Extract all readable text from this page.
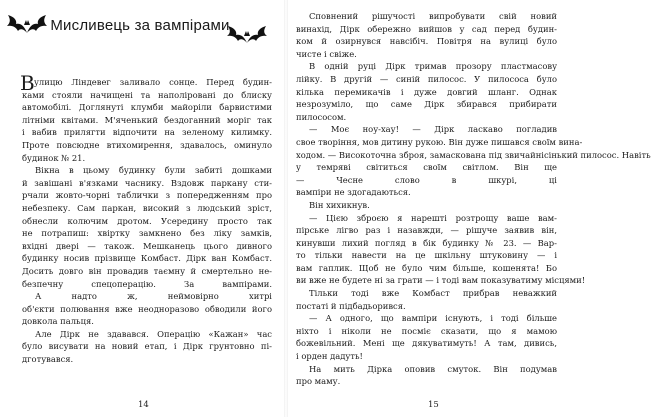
Мисливець за вампірами
В улицю Ліндевег заливало сонце. Перед будин-
ками стояли начищені та наполіровані до блиску
автомобілі. Доглянуті клумби майоріли барвистими
літніми квітами. М'яченький бездоганний моріг так
і вабив прилягти відпочити на зеленому килимку.
Проте повсюдне втихомирення, здавалось, оминуло
будинок № 21.
Вікна в цьому будинку були забиті дошками
й завішані в'язками часнику. Вздовж паркану сти-
рчали жовто-чорні таблички з попередженням про
небезпеку. Сам паркан, високий з людський зріст,
обнесли колючим дротом. Усередину просто так
не потрапиш: хвіртку замкнено без ліку замків,
вхідні двері — також. Мешканець цього дивного
будинку носив прізвище Комбаст. Дірк ван Комбаст.
Досить довго він провадив таємну й смертельно не-
безпечну спецоперацію. За вампірами.
А надто ж, неймовірно хитрі
об'єкти полювання вже неодноразово обводили його
довкола пальця.
Але Дірк не здавався. Операцію «Кажан» час
було висувати на новий етап, і Дірк грунтовно пі-
дготувався.
14
Сповнений рішучості випробувати свій новий
винахід, Дірк обережно вийшов у сад перед будин-
ком й озирнувся навсібіч. Повітря на вулиці було
чисте і свіже.
В одній руці Дірк тримав прозору пластмасову
лійку. В другій — синій пилосос. У пилососа було
кілька перемикачів і дуже довгий шланг. Однак
незрозуміло, що саме Дірк збирався прибирати
пилососом.
— Моє ноу-хау! — Дірк ласкаво погладив
свое творіння, мов дитину рукою. Він дуже пишався своїм вина-
ходом. — Високоточна зброя, замаскована під звичайнісінький пилосос. Навіть
у темряві світиться своїм світлом. Він ще
— Чесне слово в шкурі, ці
вампіри не здогадаються.
Він хихикнув.
— Цією зброєю я нарешті розтрощу ваше вам-
пірське лігво раз і назавжди, — рішуче заявив він,
кинувши лихий погляд в бік будинку № 23. — Вар-
то тільки навести на це шкільну штуковину — і
вам гаплик. Щоб не було чим більше, кошенята! Бо
ви вже не будете ні за грати — і тоді вам показуватиму місцями!
Тільки тоді вже Комбаст прибрав неважкий
постаті й підбадьорився.
— А одного, що вампіри існують, і тоді більше
ніхто і ніколи не посміє сказати, що я мамою
божевільний. Мені ще дякуватимуть! А там, дивись,
і орден дадуть!
На мить Дірка оповив смуток. Він подумав
про маму.
15
